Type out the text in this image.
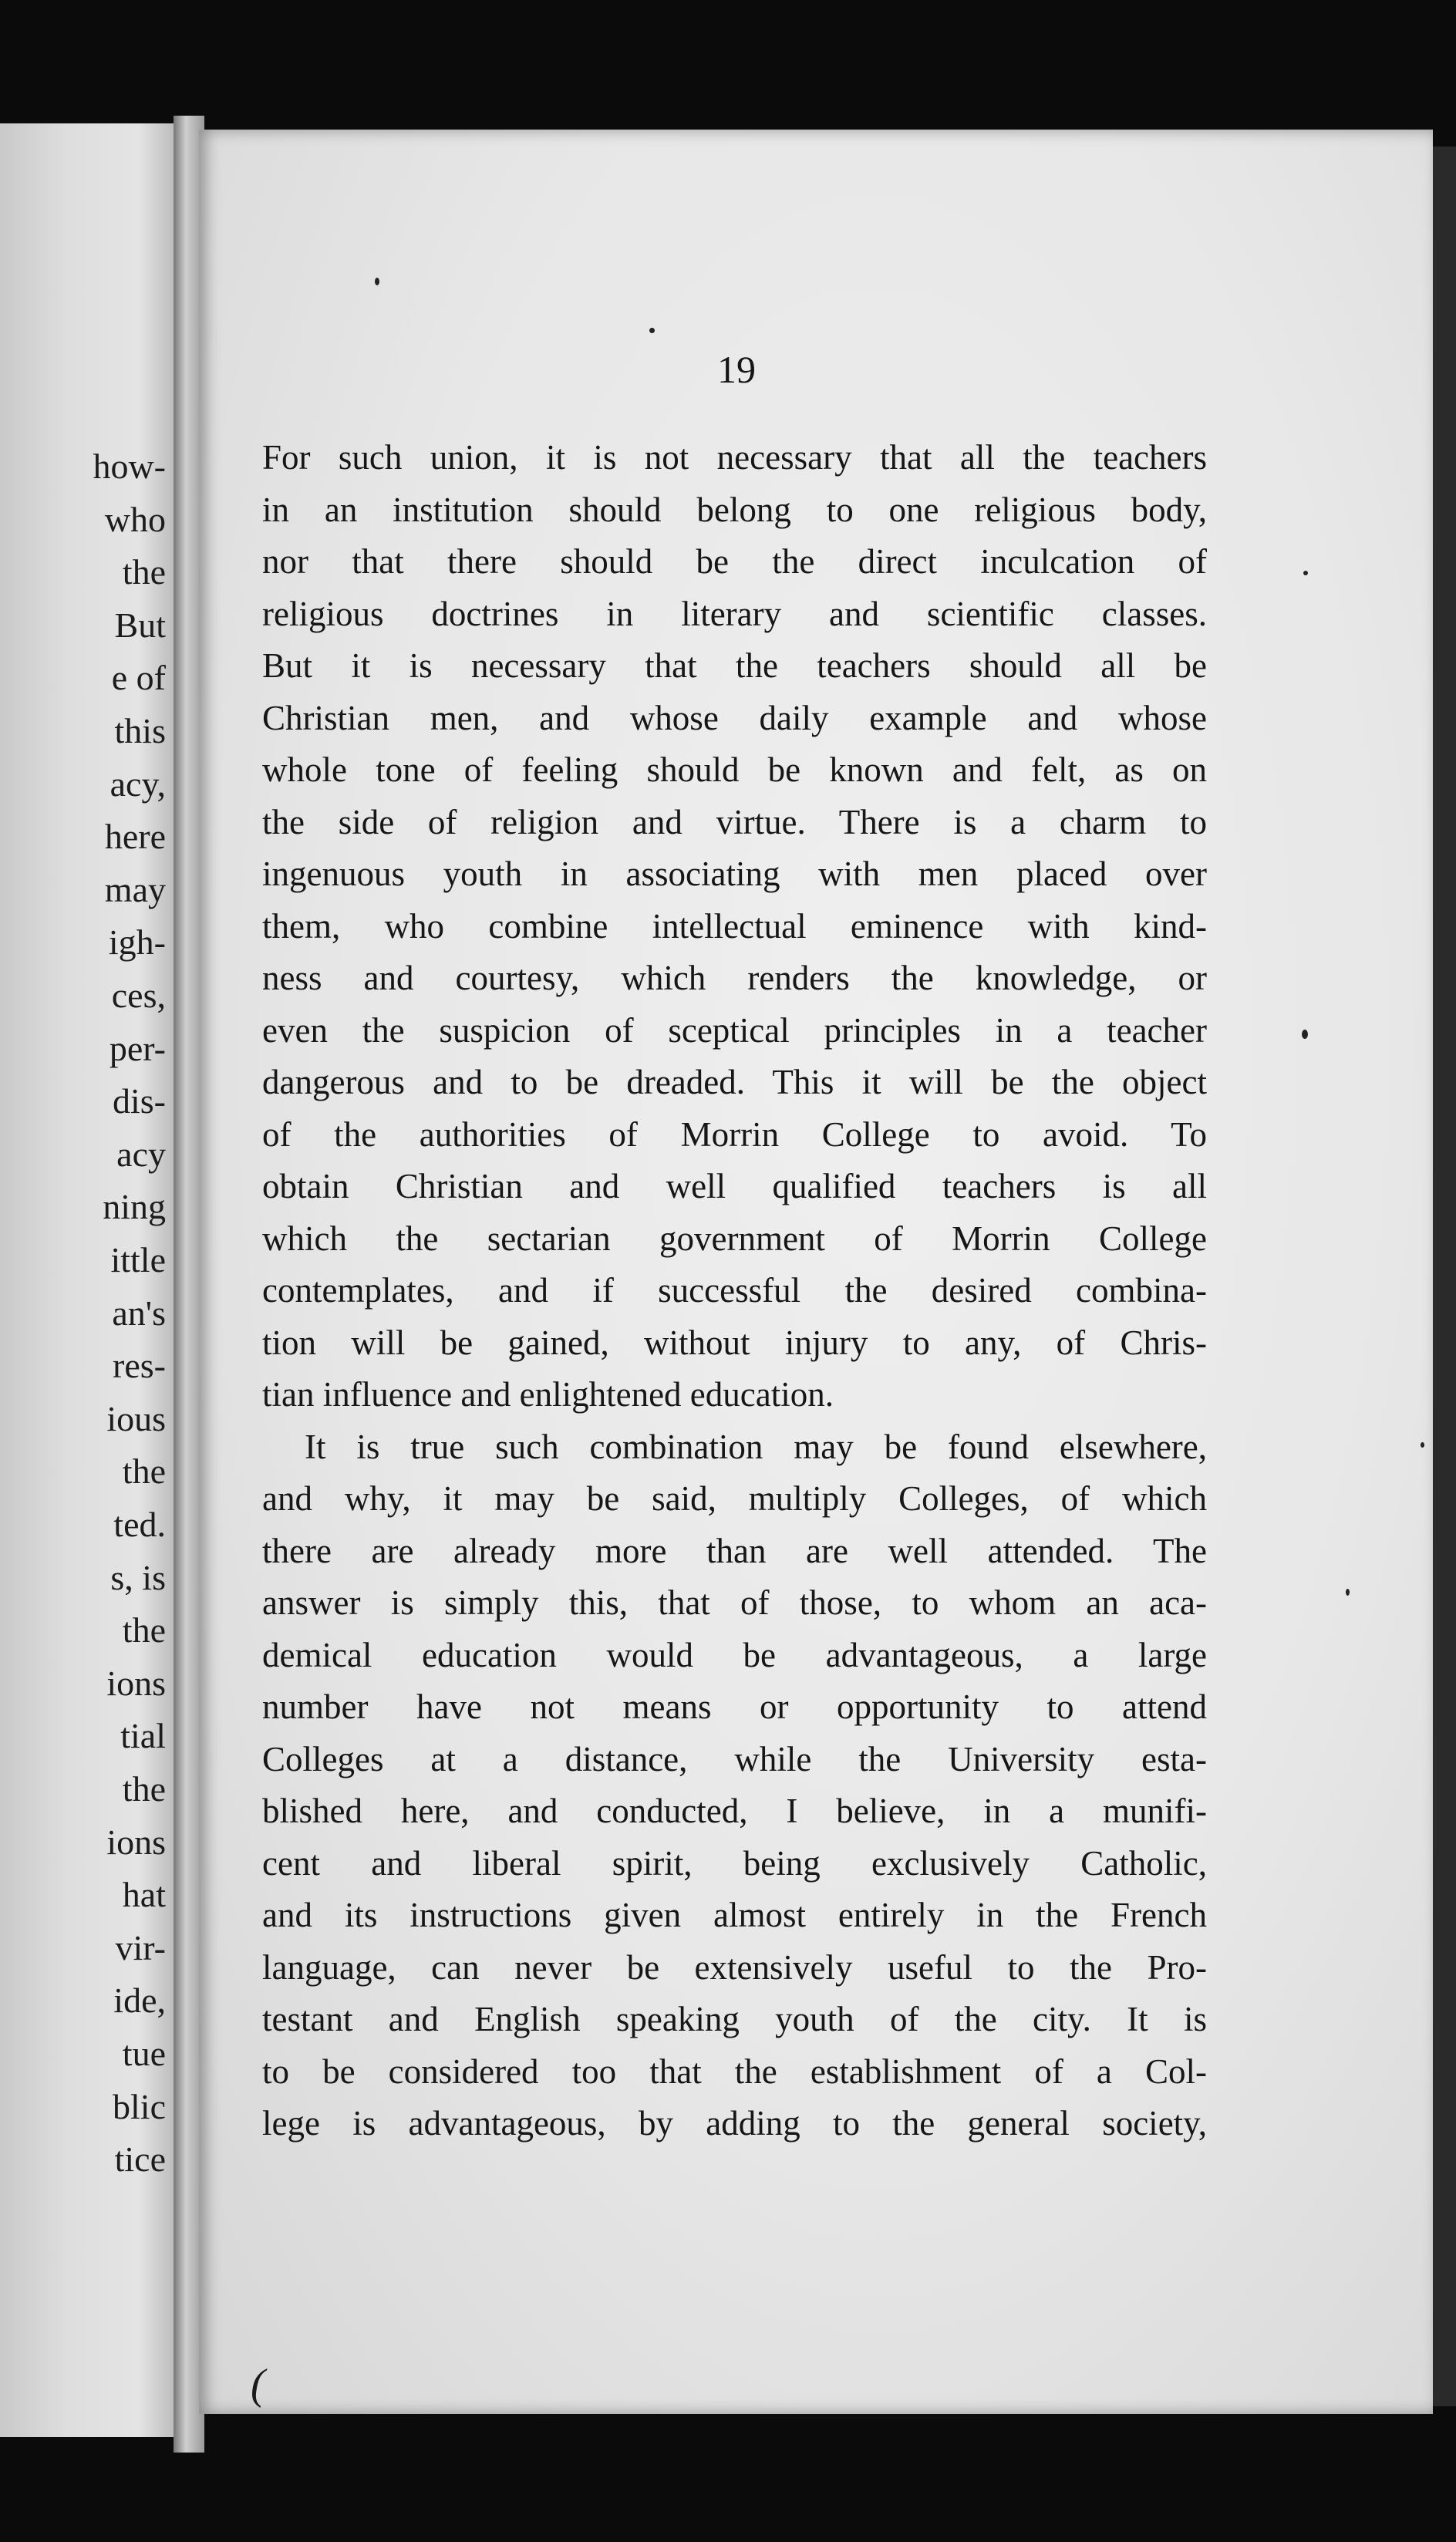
how-
who
the
But
e of
this
acy,
here
may
igh-
ces,
per-
dis-
acy
ning
ittle
an's
res-
ious
the
ted.
s, is
the
ions
tial
the
ions
hat
vir-
ide,
tue
blic
tice
19
For such union, it is not necessary that all the teachers
in an institution should belong to one religious body,
nor that there should be the direct inculcation of
religious doctrines in literary and scientific classes.
But it is necessary that the teachers should all be
Christian men, and whose daily example and whose
whole tone of feeling should be known and felt, as on
the side of religion and virtue. There is a charm to
ingenuous youth in associating with men placed over
them, who combine intellectual eminence with kind-
ness and courtesy, which renders the knowledge, or
even the suspicion of sceptical principles in a teacher
dangerous and to be dreaded. This it will be the object
of the authorities of Morrin College to avoid. To
obtain Christian and well qualified teachers is all
which the sectarian government of Morrin College
contemplates, and if successful the desired combina-
tion will be gained, without injury to any, of Chris-
tian influence and enlightened education.
It is true such combination may be found elsewhere,
and why, it may be said, multiply Colleges, of which
there are already more than are well attended. The
answer is simply this, that of those, to whom an aca-
demical education would be advantageous, a large
number have not means or opportunity to attend
Colleges at a distance, while the University esta-
blished here, and conducted, I believe, in a munifi-
cent and liberal spirit, being exclusively Catholic,
and its instructions given almost entirely in the French
language, can never be extensively useful to the Pro-
testant and English speaking youth of the city. It is
to be considered too that the establishment of a Col-
lege is advantageous, by adding to the general society,
(
